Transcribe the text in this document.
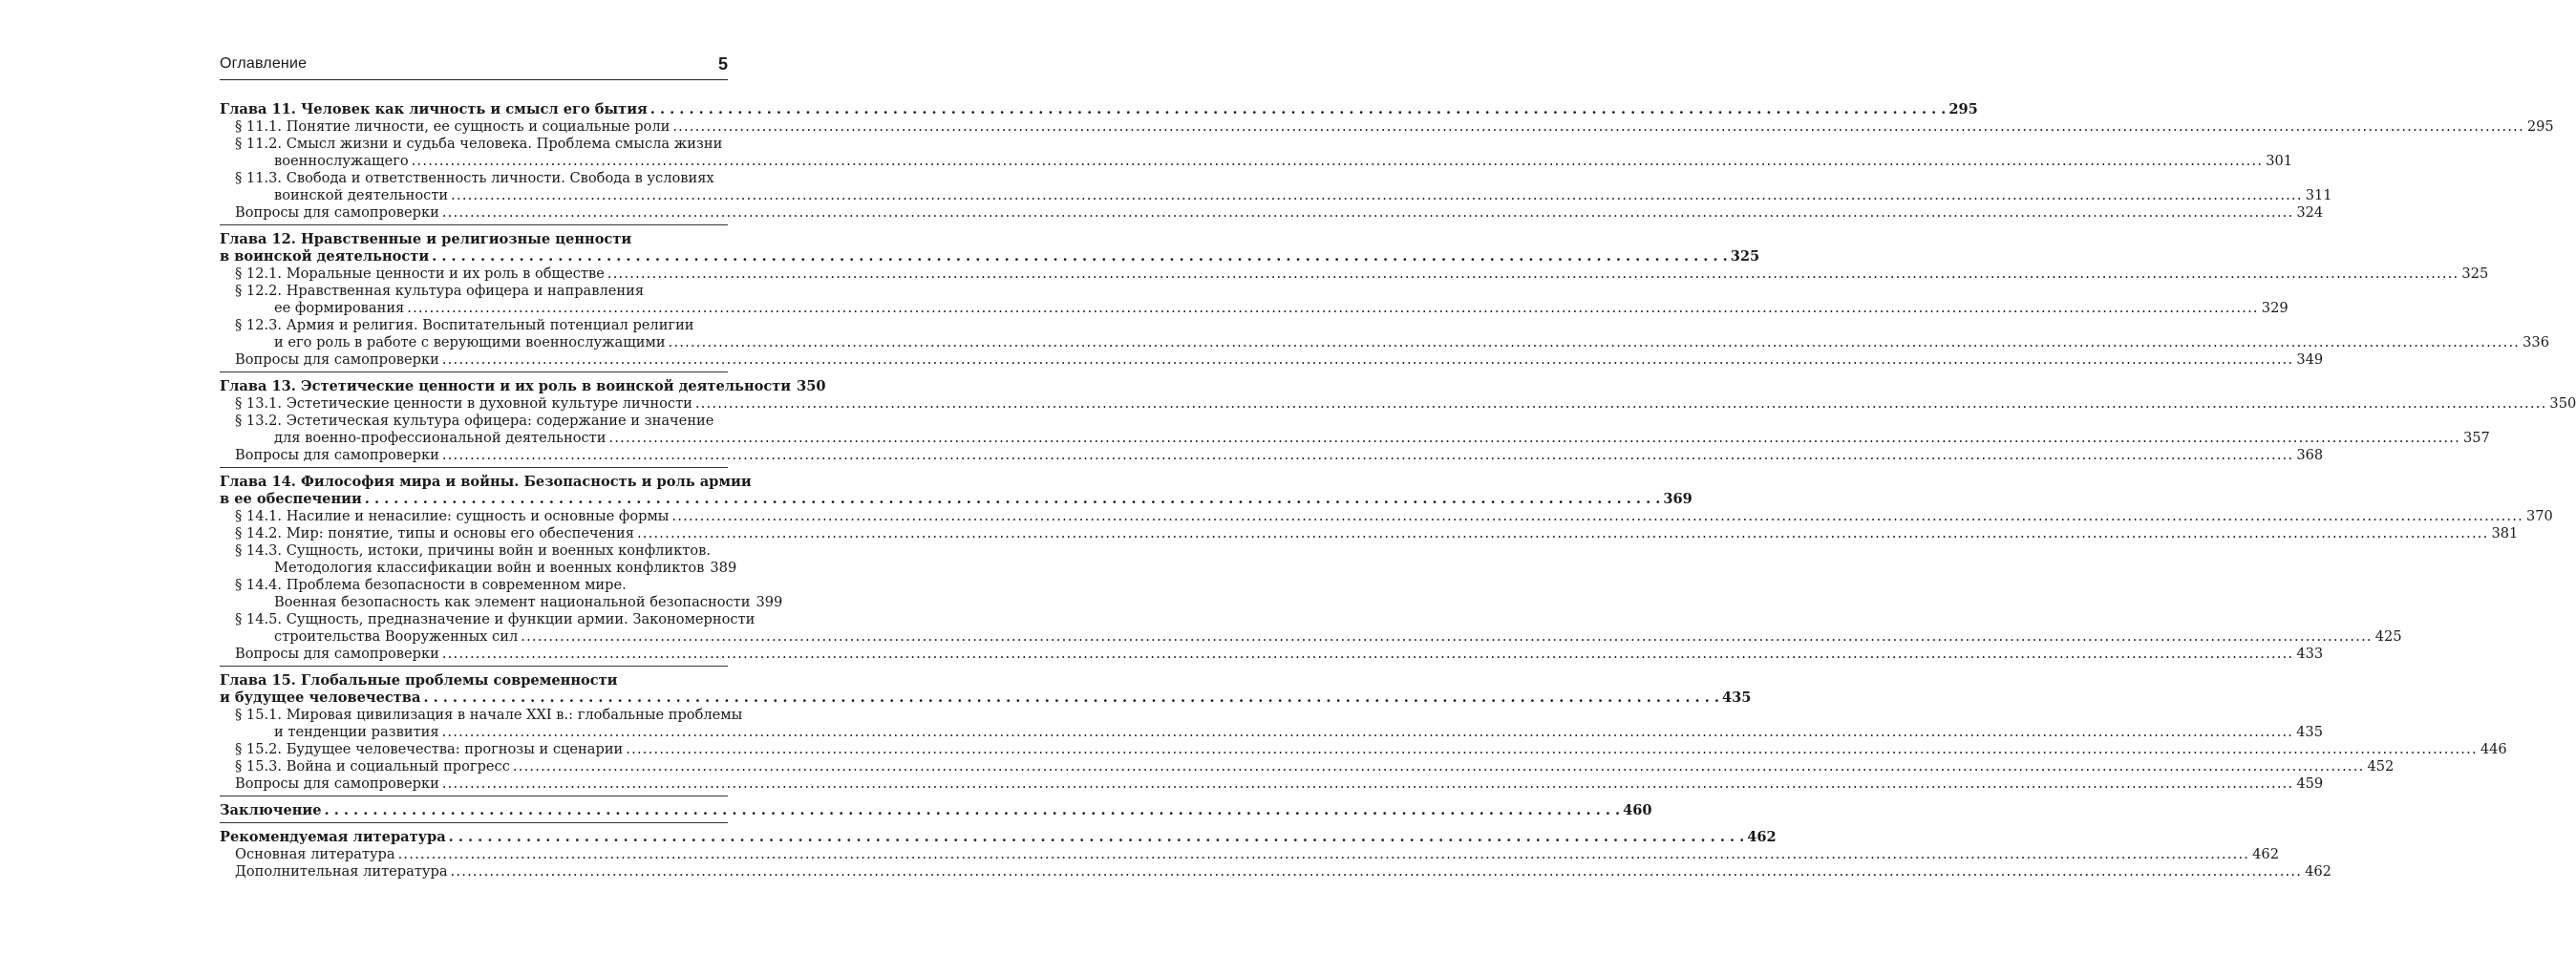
Оглавление	5
Глава 11. Человек как личность и смысл его бытия . . .	295
§ 11.1. Понятие личности, ее сущность и социальные роли .....	295
§ 11.2. Смысл жизни и судьба человека. Проблема смысла жизни
военнослужащего .....	301
§ 11.3. Свобода и ответственность личности. Свобода в условиях
воинской деятельности .....	311
Вопросы для самопроверки .....	324
Глава 12. Нравственные и религиозные ценности
в воинской деятельности . . .	325
§ 12.1. Моральные ценности и их роль в обществе .....	325
§ 12.2. Нравственная культура офицера и направления
ее формирования .....	329
§ 12.3. Армия и религия. Воспитательный потенциал религии
и его роль в работе с верующими военнослужащими .....	336
Вопросы для самопроверки .....	349
Глава 13. Эстетические ценности и их роль в воинской деятельности 350
§ 13.1. Эстетические ценности в духовной культуре личности .....	350
§ 13.2. Эстетическая культура офицера: содержание и значение
для военно-профессиональной деятельности .....	357
Вопросы для самопроверки .....	368
Глава 14. Философия мира и войны. Безопасность и роль армии
в ее обеспечении . . .	369
§ 14.1. Насилие и ненасилие: сущность и основные формы .....	370
§ 14.2. Мир: понятие, типы и основы его обеспечения .....	381
§ 14.3. Сущность, истоки, причины войн и военных конфликтов.
Методология классификации войн и военных конфликтов 389
§ 14.4. Проблема безопасности в современном мире.
Военная безопасность как элемент национальной безопасности 399
§ 14.5. Сущность, предназначение и функции армии. Закономерности
строительства Вооруженных сил .....	425
Вопросы для самопроверки .....	433
Глава 15. Глобальные проблемы современности
и будущее человечества . . .	435
§ 15.1. Мировая цивилизация в начале XXI в.: глобальные проблемы
и тенденции развития .....	435
§ 15.2. Будущее человечества: прогнозы и сценарии .....	446
§ 15.3. Война и социальный прогресс .....	452
Вопросы для самопроверки .....	459
Заключение . . .	460
Рекомендуемая литература . . .	462
Основная литература .....	462
Дополнительная литература .....	462
